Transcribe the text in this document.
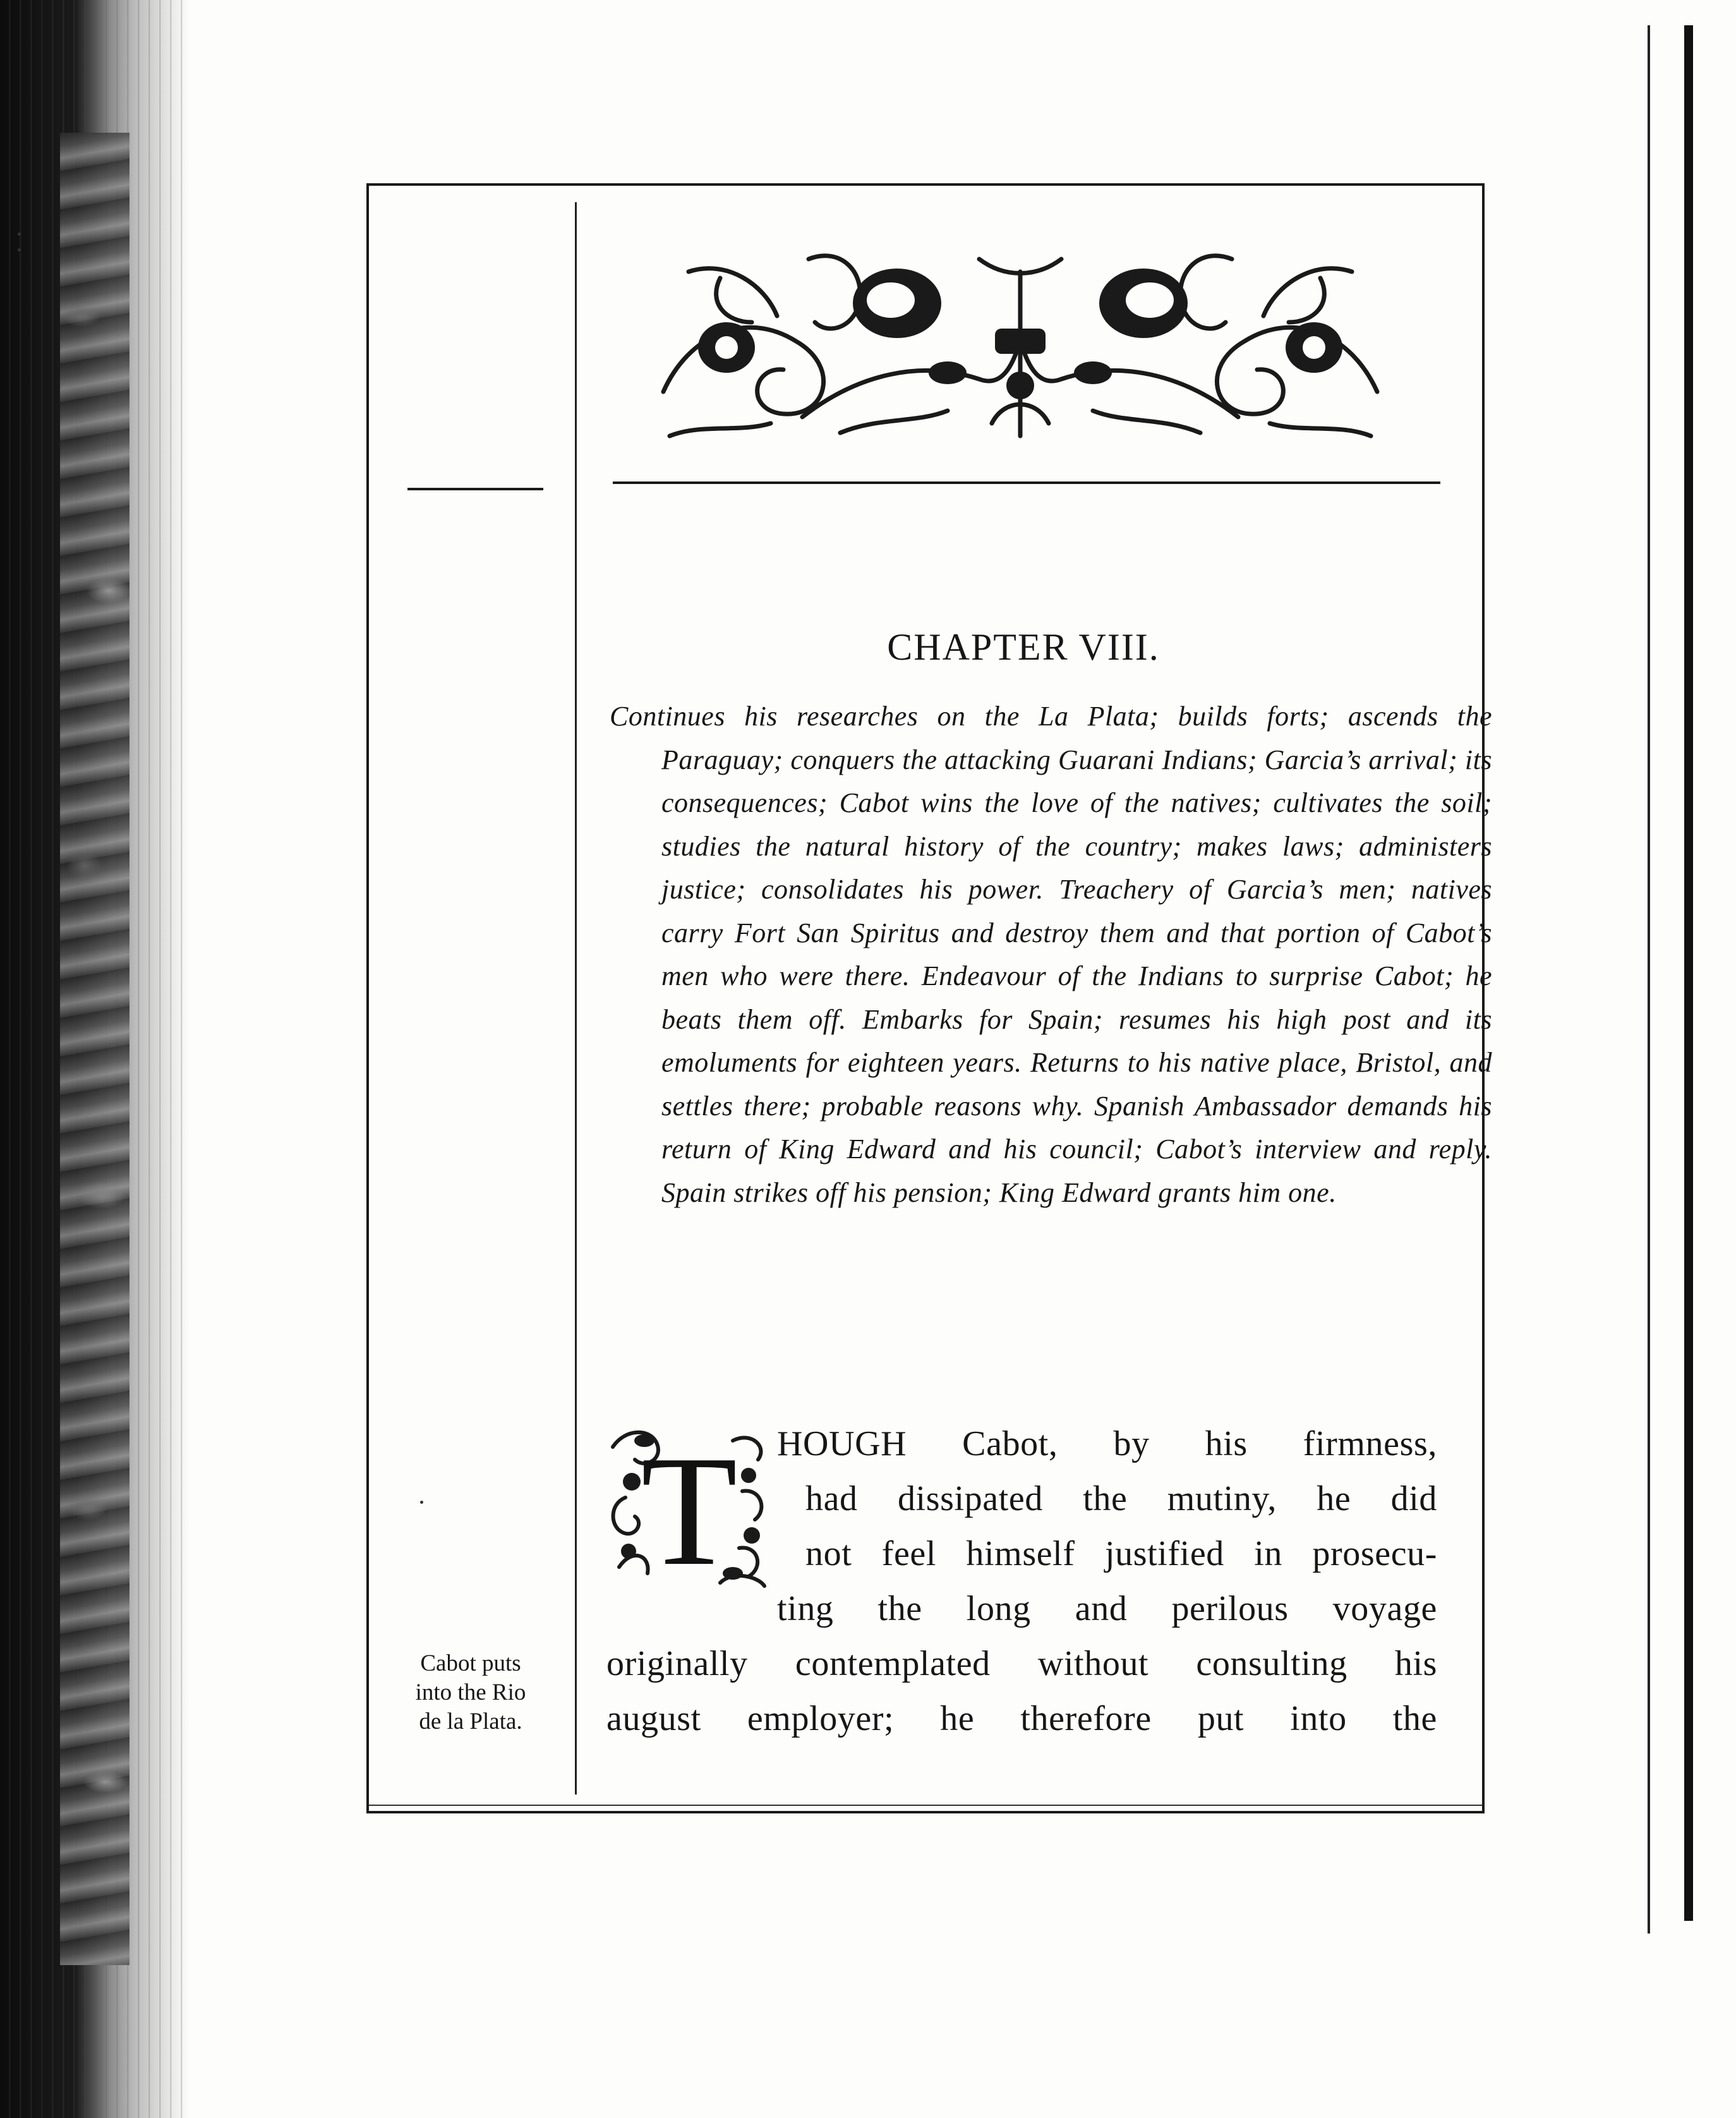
CHAPTER VIII.
Continues his researches on the La Plata; builds forts; ascends the Paraguay; conquers the attacking Guarani Indians; Garcia’s arrival; its consequences; Cabot wins the love of the natives; cultivates the soil; studies the natural history of the country; makes laws; administers justice; consolidates his power. Treachery of Garcia’s men; natives carry Fort San Spiritus and destroy them and that portion of Cabot’s men who were there. Endeavour of the Indians to surprise Cabot; he beats them off. Embarks for Spain; resumes his high post and its emoluments for eighteen years. Returns to his native place, Bristol, and settles there; probable reasons why. Spanish Ambassador demands his return of King Edward and his council; Cabot’s interview and reply. Spain strikes off his pension; King Edward grants him one.
T HOUGH Cabot, by his firmness,
had dissipated the mutiny, he did
not feel himself justified in prosecu-
ting the long and perilous voyage
originally contemplated without consulting his
august employer; he therefore put into the
Cabot puts
into the Rio
de la Plata.
